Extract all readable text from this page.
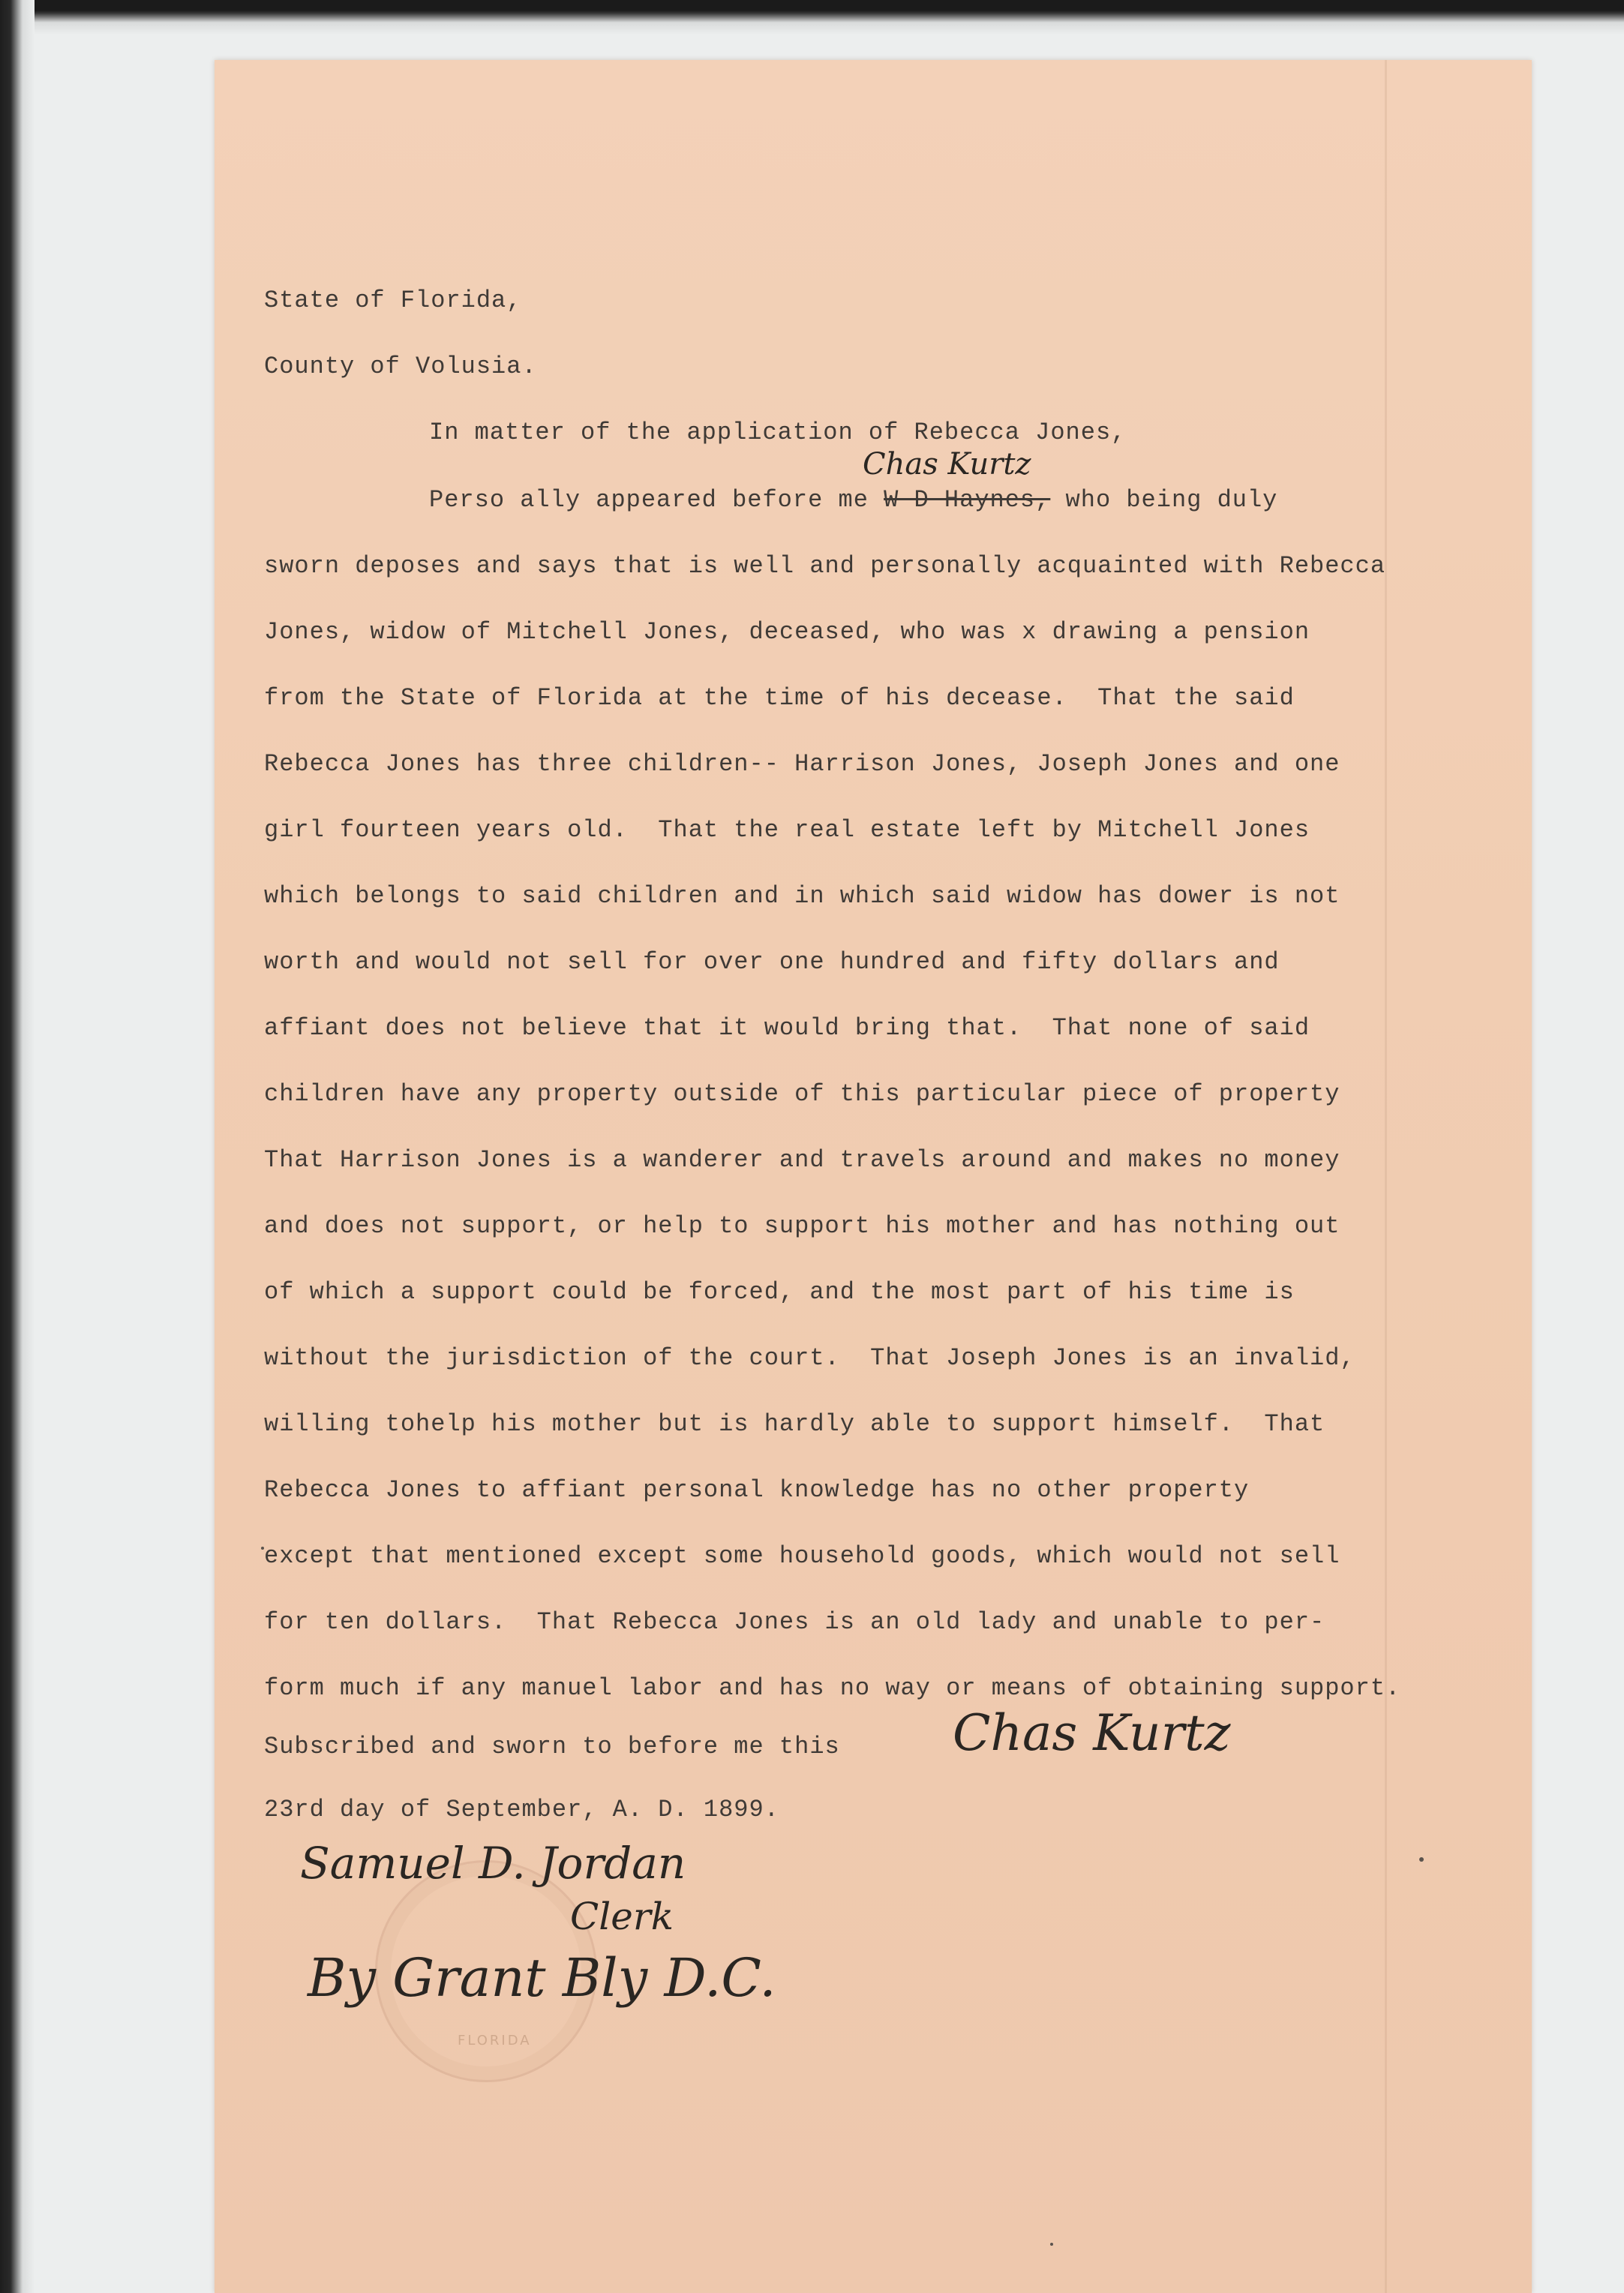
State of Florida,
County of Volusia.
In matter of the application of Rebecca Jones,
Chas Kurtz
Perso ally appeared before me W D Haynes, who being duly
sworn deposes and says that is well and personally acquainted with Rebecca
Jones, widow of Mitchell Jones, deceased, who was x drawing a pension
from the State of Florida at the time of his decease.  That the said
Rebecca Jones has three children-- Harrison Jones, Joseph Jones and one
girl fourteen years old.  That the real estate left by Mitchell Jones
which belongs to said children and in which said widow has dower is not
worth and would not sell for over one hundred and fifty dollars and
affiant does not believe that it would bring that.  That none of said
children have any property outside of this particular piece of property
That Harrison Jones is a wanderer and travels around and makes no money
and does not support, or help to support his mother and has nothing out
of which a support could be forced, and the most part of his time is
without the jurisdiction of the court.  That Joseph Jones is an invalid,
willing tohelp his mother but is hardly able to support himself.  That
Rebecca Jones to affiant personal knowledge has no other property
except that mentioned except some household goods, which would not sell
for ten dollars.  That Rebecca Jones is an old lady and unable to per-
form much if any manuel labor and has no way or means of obtaining support.
Subscribed and sworn to before me this Chas Kurtz
23rd day of September, A. D. 1899.
FLORIDA
Samuel D. Jordan
Clerk
By Grant Bly D.C.
